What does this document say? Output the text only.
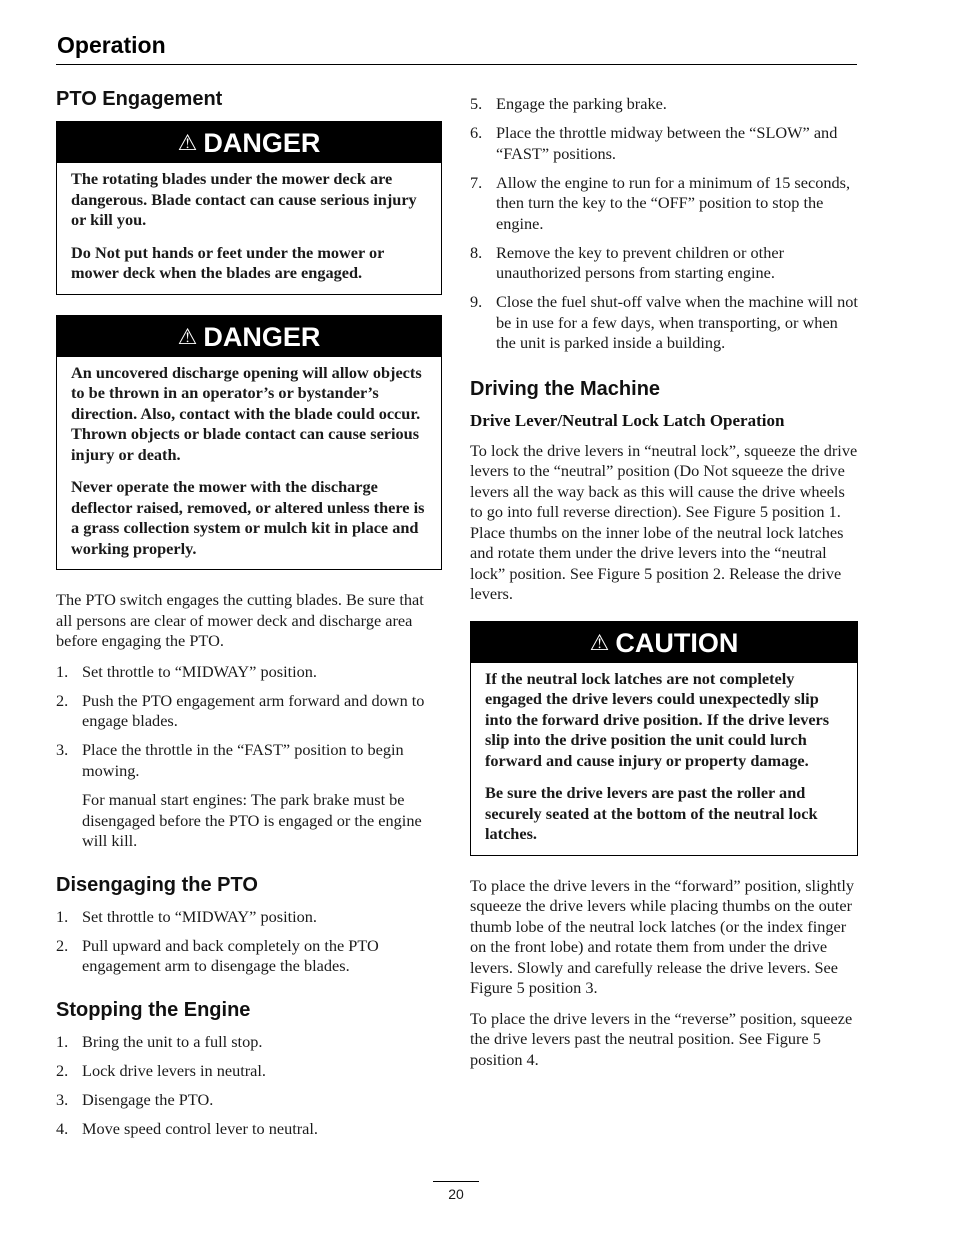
Operation
PTO Engagement
⚠ DANGER

The rotating blades under the mower deck are dangerous. Blade contact can cause serious injury or kill you.

Do Not put hands or feet under the mower or mower deck when the blades are engaged.

⚠ DANGER

An uncovered discharge opening will allow objects to be thrown in an operator’s or bystander’s direction. Also, contact with the blade could occur. Thrown objects or blade contact can cause serious injury or death.

Never operate the mower with the discharge deflector raised, removed, or altered unless there is a grass collection system or mulch kit in place and working properly.

The PTO switch engages the cutting blades. Be sure that all persons are clear of mower deck and discharge area before engaging the PTO.

1. Set throttle to “MIDWAY” position.
2. Push the PTO engagement arm forward and down to engage blades.
3. Place the throttle in the “FAST” position to begin mowing.
For manual start engines: The park brake must be disengaged before the PTO is engaged or the engine will kill.
Disengaging the PTO
1. Set throttle to “MIDWAY” position.
2. Pull upward and back completely on the PTO engagement arm to disengage the blades.
Stopping the Engine
1. Bring the unit to a full stop.
2. Lock drive levers in neutral.
3. Disengage the PTO.
4. Move speed control lever to neutral.
5. Engage the parking brake.
6. Place the throttle midway between the “SLOW” and “FAST” positions.
7. Allow the engine to run for a minimum of 15 seconds, then turn the key to the “OFF” position to stop the engine.
8. Remove the key to prevent children or other unauthorized persons from starting engine.
9. Close the fuel shut-off valve when the machine will not be in use for a few days, when transporting, or when the unit is parked inside a building.
Driving the Machine
Drive Lever/Neutral Lock Latch Operation

To lock the drive levers in “neutral lock”, squeeze the drive levers to the “neutral” position (Do Not squeeze the drive levers all the way back as this will cause the drive wheels to go into full reverse direction). See Figure 5 position 1. Place thumbs on the inner lobe of the neutral lock latches and rotate them under the drive levers into the “neutral lock” position. See Figure 5 position 2. Release the drive levers.

⚠ CAUTION

If the neutral lock latches are not completely engaged the drive levers could unexpectedly slip into the forward drive position. If the drive levers slip into the drive position the unit could lurch forward and cause injury or property damage.

Be sure the drive levers are past the roller and securely seated at the bottom of the neutral lock latches.

To place the drive levers in the “forward” position, slightly squeeze the drive levers while placing thumbs on the outer thumb lobe of the neutral lock latches (or the index finger on the front lobe) and rotate them from under the drive levers. Slowly and carefully release the drive levers. See Figure 5 position 3.

To place the drive levers in the “reverse” position, squeeze the drive levers past the neutral position. See Figure 5 position 4.

20
